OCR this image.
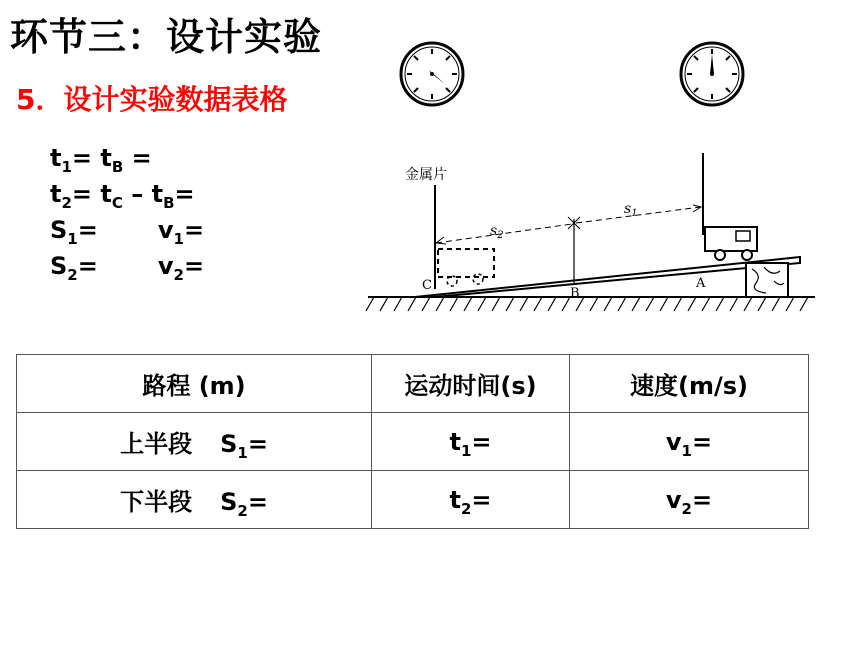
环节三：设计实验
5．设计实验数据表格
$t_1= t_B$ =
$t_2= t_C - t_B=$
$S_1=$	$v_1=$
$S_2=$	$v_2=$
金属片
$s_2$
$s_1$
C
B
A
路程 (m)	运动时间(s)	速度(m/s)
上半段 $S_1=$	$t_1=$	$v_1=$
下半段 $S_2=$	$t_2=$	$v_2=$
